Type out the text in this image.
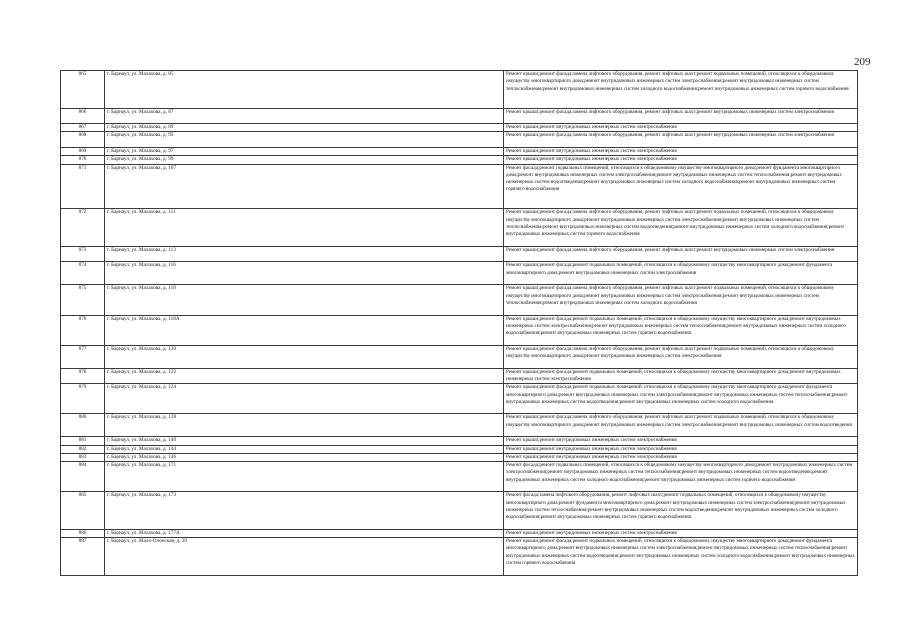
209
865	г. Барнаул, ул. Малахова, д. 85	Ремонт крыши;ремонт фасада;замена лифтового оборудования, ремонт лифтовых шахт;ремонт подвальных помещений, относящихся к общедомовому имуществу многоквартирного дома;ремонт внутридомовых инженерных систем электроснабжения;ремонт внутридомовых инженерных систем теплоснабжения;ремонт внутридомовых инженерных систем холодного водоснабжения;ремонт внутридомовых инженерных систем горячего водоснабжения
866	г. Барнаул, ул. Малахова, д. 87	Ремонт крыши;ремонт фасада;замена лифтового оборудования, ремонт лифтовых шахт;ремонт внутридомовых инженерных систем электроснабжения
867	г. Барнаул, ул. Малахова, д. 89	Ремонт крыши;ремонт внутридомовых инженерных систем электроснабжения
868	г. Барнаул, ул. Малахова, д. 95	Ремонт крыши;ремонт фасада;замена лифтового оборудования, ремонт лифтовых шахт;ремонт внутридомовых инженерных систем электроснабжения
869	г. Барнаул, ул. Малахова, д. 97	Ремонт крыши;ремонт внутридомовых инженерных систем электроснабжения
870	г. Барнаул, ул. Малахова, д. 99	Ремонт крыши;ремонт внутридомовых инженерных систем электроснабжения
871	г. Барнаул, ул. Малахова, д. 107	Ремонт фасада;ремонт подвальных помещений, относящихся к общедомовому имуществу многоквартирного дома;ремонт фундамента многоквартирного дома;ремонт внутридомовых инженерных систем электроснабжения;ремонт внутридомовых инженерных систем теплоснабжения;ремонт внутридомовых инженерных систем водоотведения;ремонт внутридомовых инженерных систем холодного водоснабжения;ремонт внутридомовых инженерных систем горячего водоснабжения
872	г. Барнаул, ул. Малахова, д. 111	Ремонт крыши;ремонт фасада;замена лифтового оборудования, ремонт лифтовых шахт;ремонт подвальных помещений, относящихся к общедомовому имуществу многоквартирного дома;ремонт внутридомовых инженерных систем электроснабжения;ремонт внутридомовых инженерных систем теплоснабжения;ремонт внутридомовых инженерных систем водоотведения;ремонт внутридомовых инженерных систем холодного водоснабжения;ремонт внутридомовых инженерных систем горячего водоснабжения
873	г. Барнаул, ул. Малахова, д. 113	Ремонт крыши;ремонт фасада;замена лифтового оборудования, ремонт лифтовых шахт;ремонт внутридомовых инженерных систем электроснабжения
874	г. Барнаул, ул. Малахова, д. 116	Ремонт крыши;ремонт фасада;ремонт подвальных помещений, относящихся к общедомовому имуществу многоквартирного дома;ремонт фундамента многоквартирного дома;ремонт внутридомовых инженерных систем электроснабжения
875	г. Барнаул, ул. Малахова, д. 118	Ремонт крыши;ремонт фасада;замена лифтового оборудования, ремонт лифтовых шахт;ремонт подвальных помещений, относящихся к общедомовому имуществу многоквартирного дома;ремонт внутридомовых инженерных систем электроснабжения;ремонт внутридомовых инженерных систем теплоснабжения;ремонт внутридомовых инженерных систем холодного водоснабжения
876	г. Барнаул, ул. Малахова, д. 118А	Ремонт крыши;ремонт фасада;ремонт подвальных помещений, относящихся к общедомовому имуществу многоквартирного дома;ремонт внутридомовых инженерных систем электроснабжения;ремонт внутридомовых инженерных систем теплоснабжения;ремонт внутридомовых инженерных систем холодного водоснабжения;ремонт внутридомовых инженерных систем горячего водоснабжения
877	г. Барнаул, ул. Малахова, д. 120	Ремонт крыши;ремонт фасада;замена лифтового оборудования, ремонт лифтовых шахт;ремонт подвальных помещений, относящихся к общедомовому имуществу многоквартирного дома;ремонт внутридомовых инженерных систем электроснабжения
878	г. Барнаул, ул. Малахова, д. 122	Ремонт крыши;ремонт фасада;ремонт подвальных помещений, относящихся к общедомовому имуществу многоквартирного дома;ремонт внутридомовых инженерных систем электроснабжения
879	г. Барнаул, ул. Малахова, д. 124	Ремонт крыши;ремонт фасада;ремонт подвальных помещений, относящихся к общедомовому имуществу многоквартирного дома;ремонт фундамента многоквартирного дома;ремонт внутридомовых инженерных систем электроснабжения;ремонт внутридомовых инженерных систем теплоснабжения;ремонт внутридомовых инженерных систем водоотведения;ремонт внутридомовых инженерных систем холодного водоснабжения
880	г. Барнаул, ул. Малахова, д. 128	Ремонт крыши;ремонт фасада;замена лифтового оборудования, ремонт лифтовых шахт;ремонт подвальных помещений, относящихся к общедомовому имуществу многоквартирного дома;ремонт внутридомовых инженерных систем электроснабжения;ремонт внутридомовых инженерных систем водоотведения
881	г. Барнаул, ул. Малахова, д. 140	Ремонт крыши;ремонт внутридомовых инженерных систем электроснабжения
882	г. Барнаул, ул. Малахова, д. 144	Ремонт крыши;ремонт внутридомовых инженерных систем электроснабжения
883	г. Барнаул, ул. Малахова, д. 146	Ремонт крыши;ремонт внутридомовых инженерных систем электроснабжения
884	г. Барнаул, ул. Малахова, д. 171	Ремонт фасада;ремонт подвальных помещений, относящихся к общедомовому имуществу многоквартирного дома;ремонт внутридомовых инженерных систем электроснабжения;ремонт внутридомовых инженерных систем теплоснабжения;ремонт внутридомовых инженерных систем водоотведения;ремонт внутридомовых инженерных систем холодного водоснабжения;ремонт внутридомовых инженерных систем горячего водоснабжения
885	г. Барнаул, ул. Малахова, д. 173	Ремонт фасада;замена лифтового оборудования, ремонт лифтовых шахт;ремонт подвальных помещений, относящихся к общедомовому имуществу многоквартирного дома;ремонт фундамента многоквартирного дома;ремонт внутридомовых инженерных систем электроснабжения;ремонт внутридомовых инженерных систем теплоснабжения;ремонт внутридомовых инженерных систем водоотведения;ремонт внутридомовых инженерных систем холодного водоснабжения;ремонт внутридомовых инженерных систем горячего водоснабжения
886	г. Барнаул, ул. Малахова, д. 177А	Ремонт крыши;ремонт внутридомовых инженерных систем электроснабжения
887	г. Барнаул, ул. Мало-Олонская, д. 39	Ремонт крыши;ремонт фасада;ремонт подвальных помещений, относящихся к общедомовому имуществу многоквартирного дома;ремонт фундамента многоквартирного дома;ремонт внутридомовых инженерных систем электроснабжения;ремонт внутридомовых инженерных систем теплоснабжения;ремонт внутридомовых инженерных систем водоотведения;ремонт внутридомовых инженерных систем холодного водоснабжения;ремонт внутридомовых инженерных систем горячего водоснабжения
